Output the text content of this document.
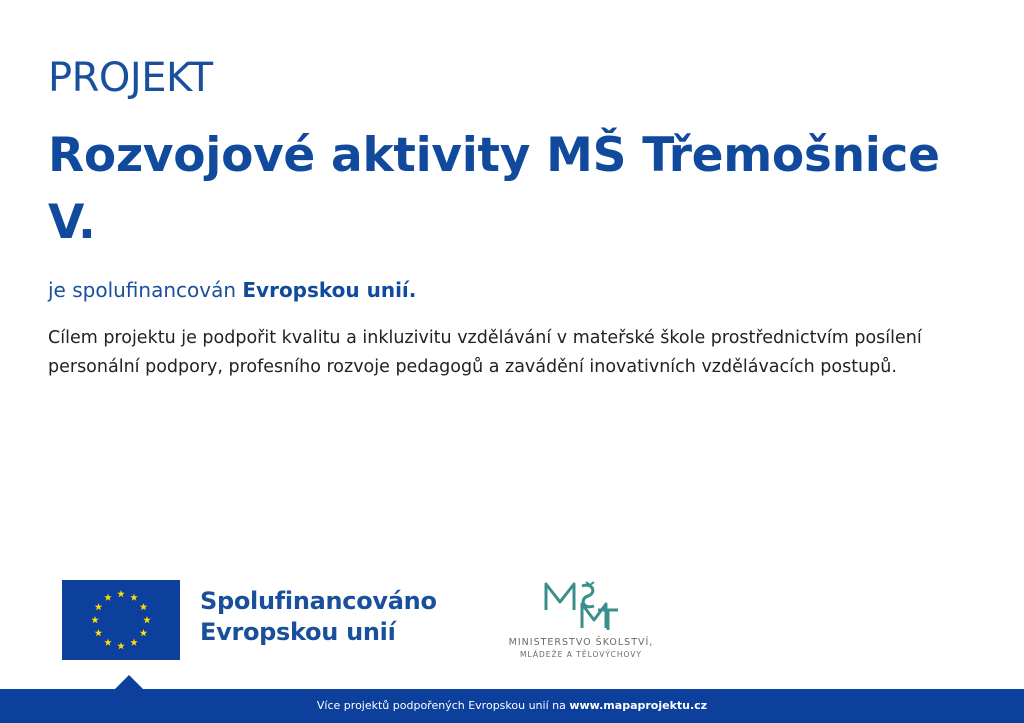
PROJEKT
Rozvojové aktivity MŠ Třemošnice V.
je spolufinancován Evropskou unií.
Cílem projektu je podpořit kvalitu a inkluzivitu vzdělávání v mateřské škole prostřednictvím posílení personální podpory, profesního rozvoje pedagogů a zavádění inovativních vzdělávacích postupů.
Spolufinancováno
Evropskou unií
MŠMT
MINISTERSTVO ŠKOLSTVÍ,
MLÁDEŽE A TĚLOVÝCHOVY
Více projektů podpořených Evropskou unií na www.mapaprojektu.cz
